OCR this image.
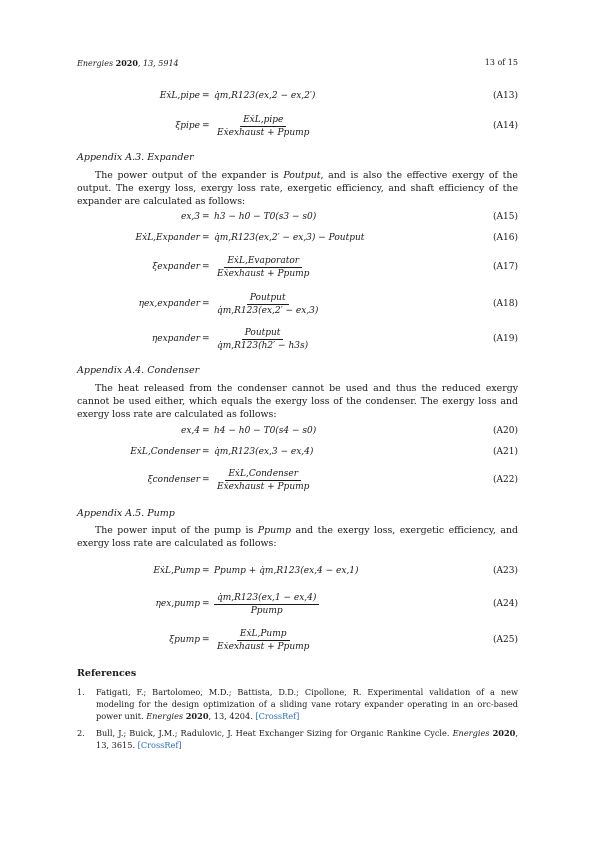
Energies 2020, 13, 5914	13 of 15
EẋL,pipe = q̇m,R123(ex,2 − ex,2′)	(A13)
ξpipe = $\frac{\text{EẋL,pipe}}{\text{Eẋexhaust + Ppump}}$	(A14)
Appendix A.3. Expander
The power output of the expander is Poutput, and is also the effective exergy of the output. The exergy loss, exergy loss rate, exergetic efficiency, and shaft efficiency of the expander are calculated as follows:
ex,3 = h3 − h0 − T0(s3 − s0)	(A15)
EẋL,Expander = q̇m,R123(ex,2′ − ex,3) − Poutput	(A16)
ξexpander = $\frac{\text{EẋL,Evaporator}}{\text{Eẋexhaust + Ppump}}$	(A17)
ηex,expander = $\frac{\text{Poutput}}{q̇m,R123(ex,2' - ex,3)}$	(A18)
ηexpander = $\frac{\text{Poutput}}{q̇m,R123(h2' - h3s)}$	(A19)
Appendix A.4. Condenser
The heat released from the condenser cannot be used and thus the reduced exergy cannot be used either, which equals the exergy loss of the condenser. The exergy loss and exergy loss rate are calculated as follows:
ex,4 = h4 − h0 − T0(s4 − s0)	(A20)
EẋL,Condenser = q̇m,R123(ex,3 − ex,4)	(A21)
ξcondenser = $\frac{\text{EẋL,Condenser}}{\text{Eẋexhaust + Ppump}}$	(A22)
Appendix A.5. Pump
The power input of the pump is Ppump and the exergy loss, exergetic efficiency, and exergy loss rate are calculated as follows:
EẋL,Pump = Ppump + q̇m,R123(ex,4 − ex,1)	(A23)
ηex,pump = $\frac{q̇m,R123(ex,1 - ex,4)}{\text{Ppump}}$	(A24)
ξpump = $\frac{\text{EẋL,Pump}}{\text{Eẋexhaust + Ppump}}$	(A25)
References
1. Fatigati, F.; Bartolomeo, M.D.; Battista, D.D.; Cipollone, R. Experimental validation of a new modeling for the design optimization of a sliding vane rotary expander operating in an orc-based power unit. Energies 2020, 13, 4204. [CrossRef]
2. Bull, J.; Buick, J.M.; Radulovic, J. Heat Exchanger Sizing for Organic Rankine Cycle. Energies 2020, 13, 3615. [CrossRef]
